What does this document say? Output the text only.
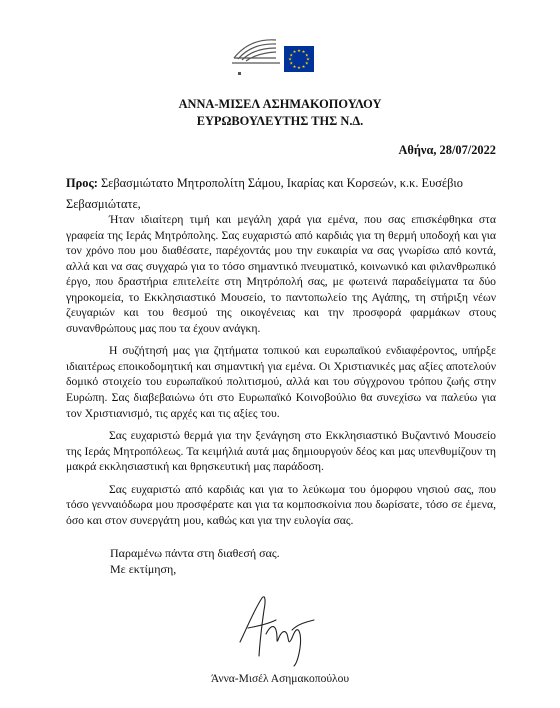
★ ★
★
★
★
★
★
★
★
★
★
★
ΑΝΝΑ-ΜΙΣΕΛ ΑΣΗΜΑΚΟΠΟΥΛΟΥ
ΕΥΡΩΒΟΥΛΕΥΤΗΣ ΤΗΣ Ν.Δ.
Αθήνα, 28/07/2022
Προς: Σεβασμιώτατο Μητροπολίτη Σάμου, Ικαρίας και Κορσεών, κ.κ. Ευσέβιο
Σεβασμιώτατε,

Ήταν ιδιαίτερη τιμή και μεγάλη χαρά για εμένα, που σας επισκέφθηκα στα γραφεία της Ιεράς Μητρόπολης. Σας ευχαριστώ από καρδιάς για τη θερμή υποδοχή και για τον χρόνο που μου διαθέσατε, παρέχοντάς μου την ευκαιρία να σας γνωρίσω από κοντά, αλλά και να σας συγχαρώ για το τόσο σημαντικό πνευματικό, κοινωνικό και φιλανθρωπικό έργο, που δραστήρια επιτελείτε στη Μητρόπολή σας, με φωτεινά παραδείγματα τα δύο γηροκομεία, το Εκκλησιαστικό Μουσείο, το παντοπωλείο της Αγάπης, τη στήριξη νέων ζευγαριών και του θεσμού της οικογένειας και την προσφορά φαρμάκων στους συνανθρώπους μας που τα έχουν ανάγκη.

Η συζήτησή μας για ζητήματα τοπικού και ευρωπαϊκού ενδιαφέροντος, υπήρξε ιδιαιτέρως εποικοδομητική και σημαντική για εμένα. Οι Χριστιανικές μας αξίες αποτελούν δομικό στοιχείο του ευρωπαϊκού πολιτισμού, αλλά και του σύγχρονου τρόπου ζωής στην Ευρώπη. Σας διαβεβαιώνω ότι στο Ευρωπαϊκό Κοινοβούλιο θα συνεχίσω να παλεύω για τον Χριστιανισμό, τις αρχές και τις αξίες του.

Σας ευχαριστώ θερμά για την ξενάγηση στο Εκκλησιαστικό Βυζαντινό Μουσείο της Ιεράς Μητροπόλεως. Τα κειμήλιά αυτά μας δημιουργούν δέος και μας υπενθυμίζουν τη μακρά εκκλησιαστική και θρησκευτική μας παράδοση.

Σας ευχαριστώ από καρδιάς και για το λεύκωμα του όμορφου νησιού σας, που τόσο γενναιόδωρα μου προσφέρατε και για τα κομποσκοίνια που δωρίσατε, τόσο σε έμενα, όσο και στον συνεργάτη μου, καθώς και για την ευλογία σας.

Παραμένω πάντα στη διαθεσή σας.
Με εκτίμηση,
Άννα-Μισέλ Ασημακοπούλου
